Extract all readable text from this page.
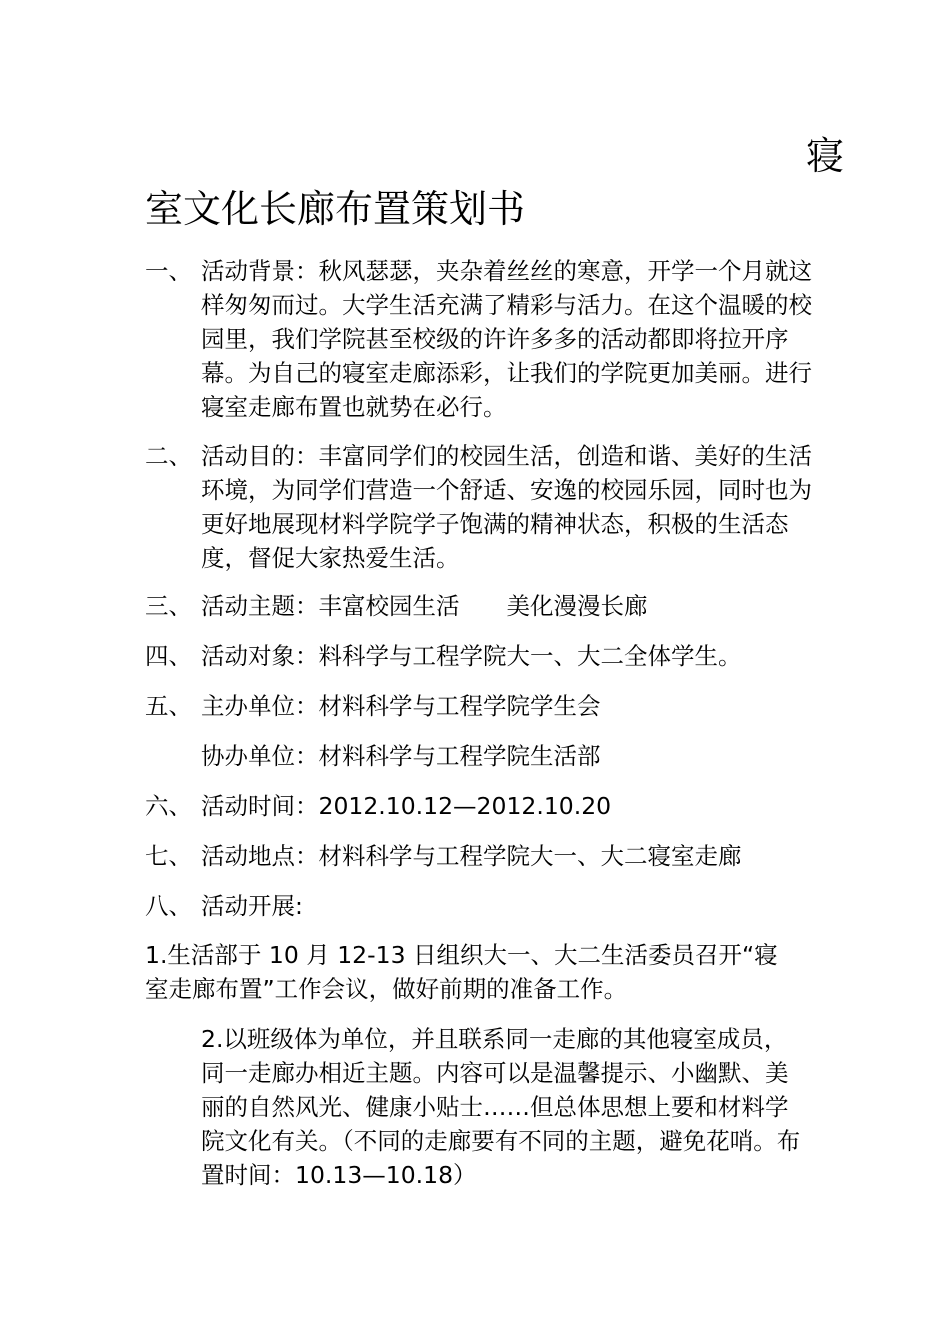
寝
室文化长廊布置策划书
一、 活动背景：秋风瑟瑟，夹杂着丝丝的寒意，开学一个月就这样匆匆而过。大学生活充满了精彩与活力。在这个温暖的校园里，我们学院甚至校级的许许多多的活动都即将拉开序幕。为自己的寝室走廊添彩，让我们的学院更加美丽。进行寝室走廊布置也就势在必行。
二、 活动目的：丰富同学们的校园生活，创造和谐、美好的生活环境，为同学们营造一个舒适、安逸的校园乐园，同时也为更好地展现材料学院学子饱满的精神状态，积极的生活态度，督促大家热爱生活。
三、 活动主题：丰富校园生活　　美化漫漫长廊
四、 活动对象：料科学与工程学院大一、大二全体学生。
五、 主办单位：材料科学与工程学院学生会
协办单位：材料科学与工程学院生活部
六、 活动时间：2012.10.12—2012.10.20
七、 活动地点：材料科学与工程学院大一、大二寝室走廊
八、 活动开展:
1.生活部于 10 月 12-13 日组织大一、大二生活委员召开“寝室走廊布置”工作会议，做好前期的准备工作。
2.以班级体为单位，并且联系同一走廊的其他寝室成员，同一走廊办相近主题。内容可以是温馨提示、小幽默、美丽的自然风光、健康小贴士……但总体思想上要和材料学院文化有关。（不同的走廊要有不同的主题，避免花哨。布置时间：10.13—10.18）
